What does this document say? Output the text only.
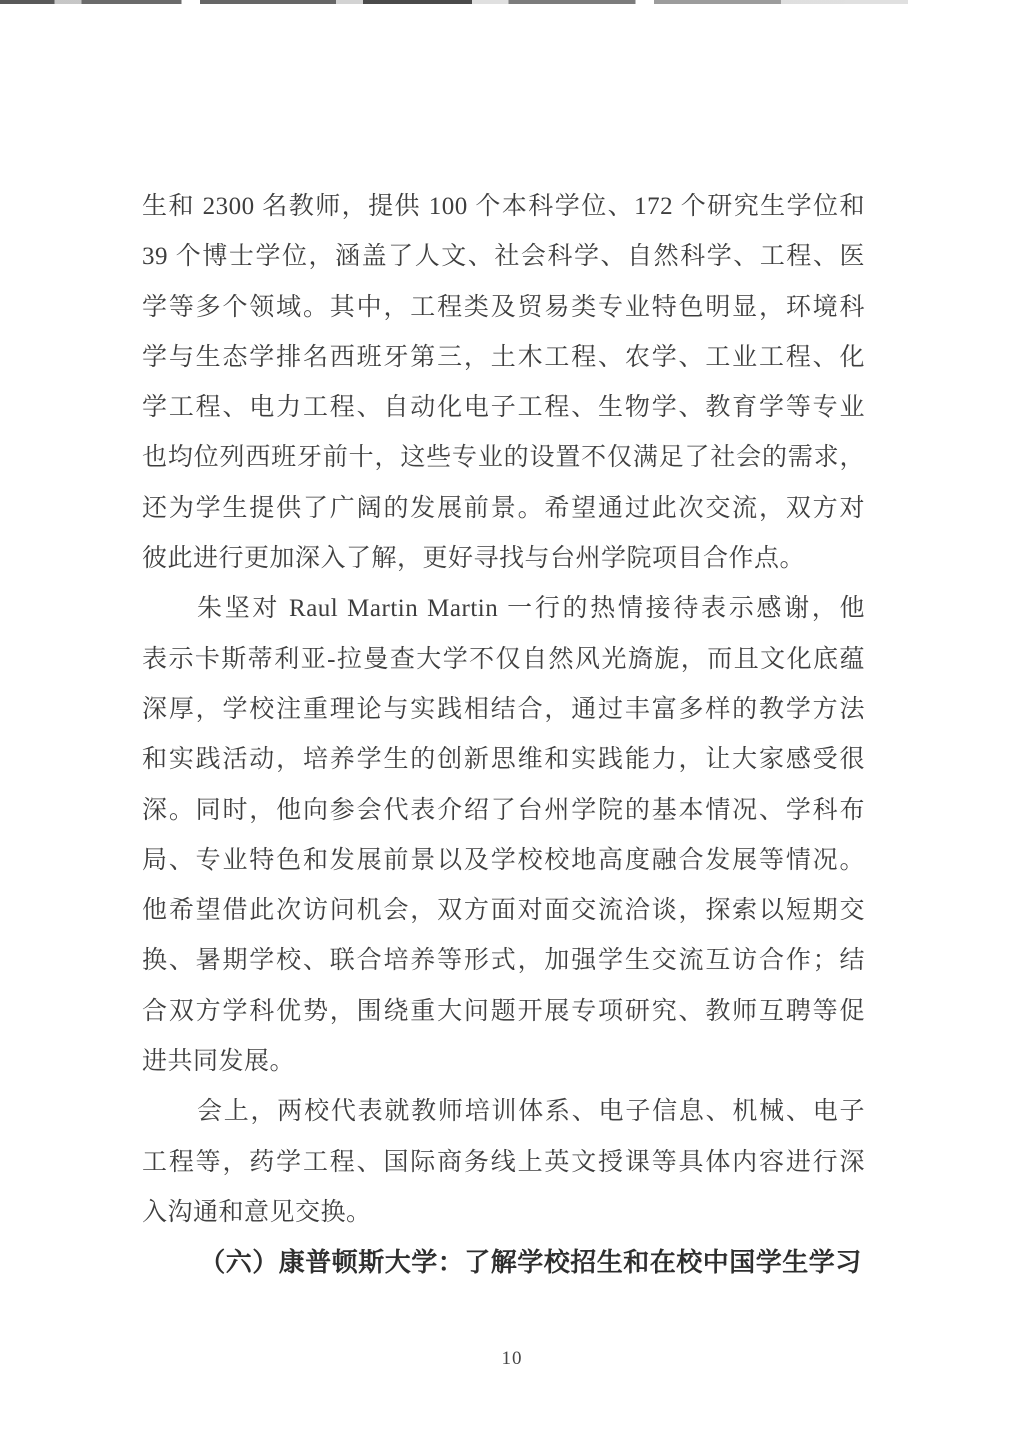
生和 2300 名教师，提供 100 个本科学位、172 个研究生学位和
39 个博士学位，涵盖了人文、社会科学、自然科学、工程、医
学等多个领域。其中，工程类及贸易类专业特色明显，环境科
学与生态学排名西班牙第三，土木工程、农学、工业工程、化
学工程、电力工程、自动化电子工程、生物学、教育学等专业
也均位列西班牙前十，这些专业的设置不仅满足了社会的需求，
还为学生提供了广阔的发展前景。希望通过此次交流，双方对
彼此进行更加深入了解，更好寻找与台州学院项目合作点。
朱坚对 Raul Martin Martin 一行的热情接待表示感谢，他
表示卡斯蒂利亚-拉曼查大学不仅自然风光旖旎，而且文化底蕴
深厚，学校注重理论与实践相结合，通过丰富多样的教学方法
和实践活动，培养学生的创新思维和实践能力，让大家感受很
深。同时，他向参会代表介绍了台州学院的基本情况、学科布
局、专业特色和发展前景以及学校校地高度融合发展等情况。
他希望借此次访问机会，双方面对面交流洽谈，探索以短期交
换、暑期学校、联合培养等形式，加强学生交流互访合作；结
合双方学科优势，围绕重大问题开展专项研究、教师互聘等促
进共同发展。
会上，两校代表就教师培训体系、电子信息、机械、电子
工程等，药学工程、国际商务线上英文授课等具体内容进行深
入沟通和意见交换。
（六）康普顿斯大学：了解学校招生和在校中国学生学习
10
